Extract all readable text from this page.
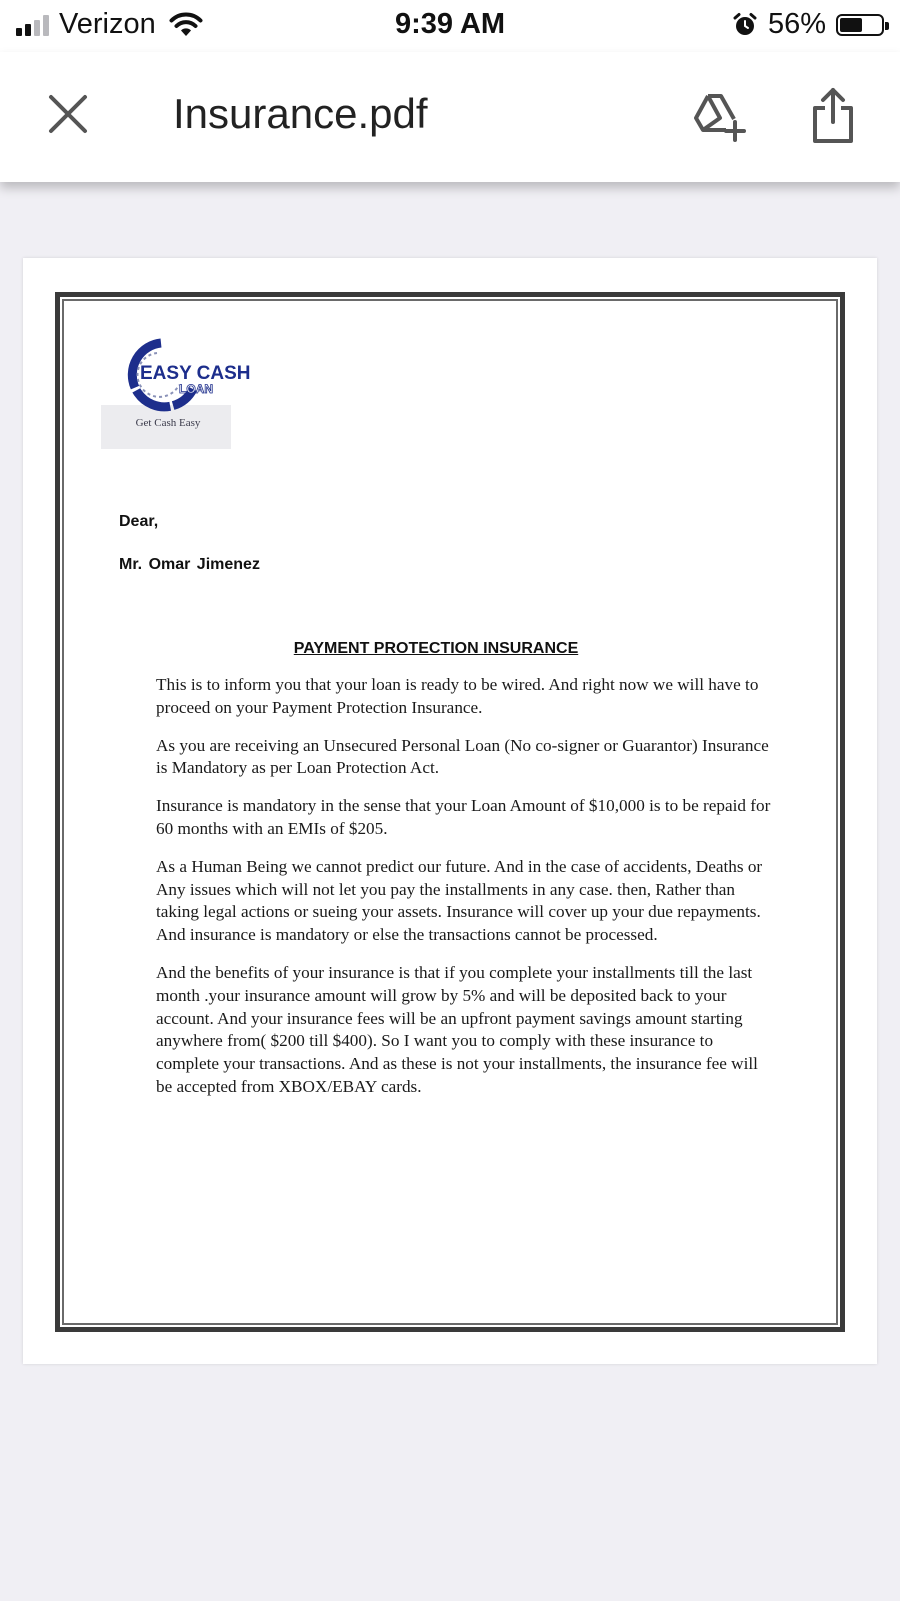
Verizon	9:39 AM	56%
Insurance.pdf
EASY CASH
LOAN
Get Cash Easy
Dear,
Mr. Omar Jimenez
PAYMENT PROTECTION INSURANCE

This is to inform you that your loan is ready to be wired. And right now we will have to proceed on your Payment Protection Insurance.

As you are receiving an Unsecured Personal Loan (No co-signer or Guarantor) Insurance is Mandatory as per Loan Protection Act.

Insurance is mandatory in the sense that your Loan Amount of $10,000 is to be repaid for 60 months with an EMIs of $205.

As a Human Being we cannot predict our future. And in the case of accidents, Deaths or Any issues which will not let you pay the installments in any case. then, Rather than taking legal actions or sueing your assets. Insurance will cover up your due repayments. And insurance is mandatory or else the transactions cannot be processed.

And the benefits of your insurance is that if you complete your installments till the last month .your insurance amount will grow by 5% and will be deposited back to your account. And your insurance fees will be an upfront payment savings amount starting anywhere from( $200 till $400). So I want you to comply with these insurance to complete your transactions. And as these is not your installments, the insurance fee will be accepted from XBOX/EBAY cards.
